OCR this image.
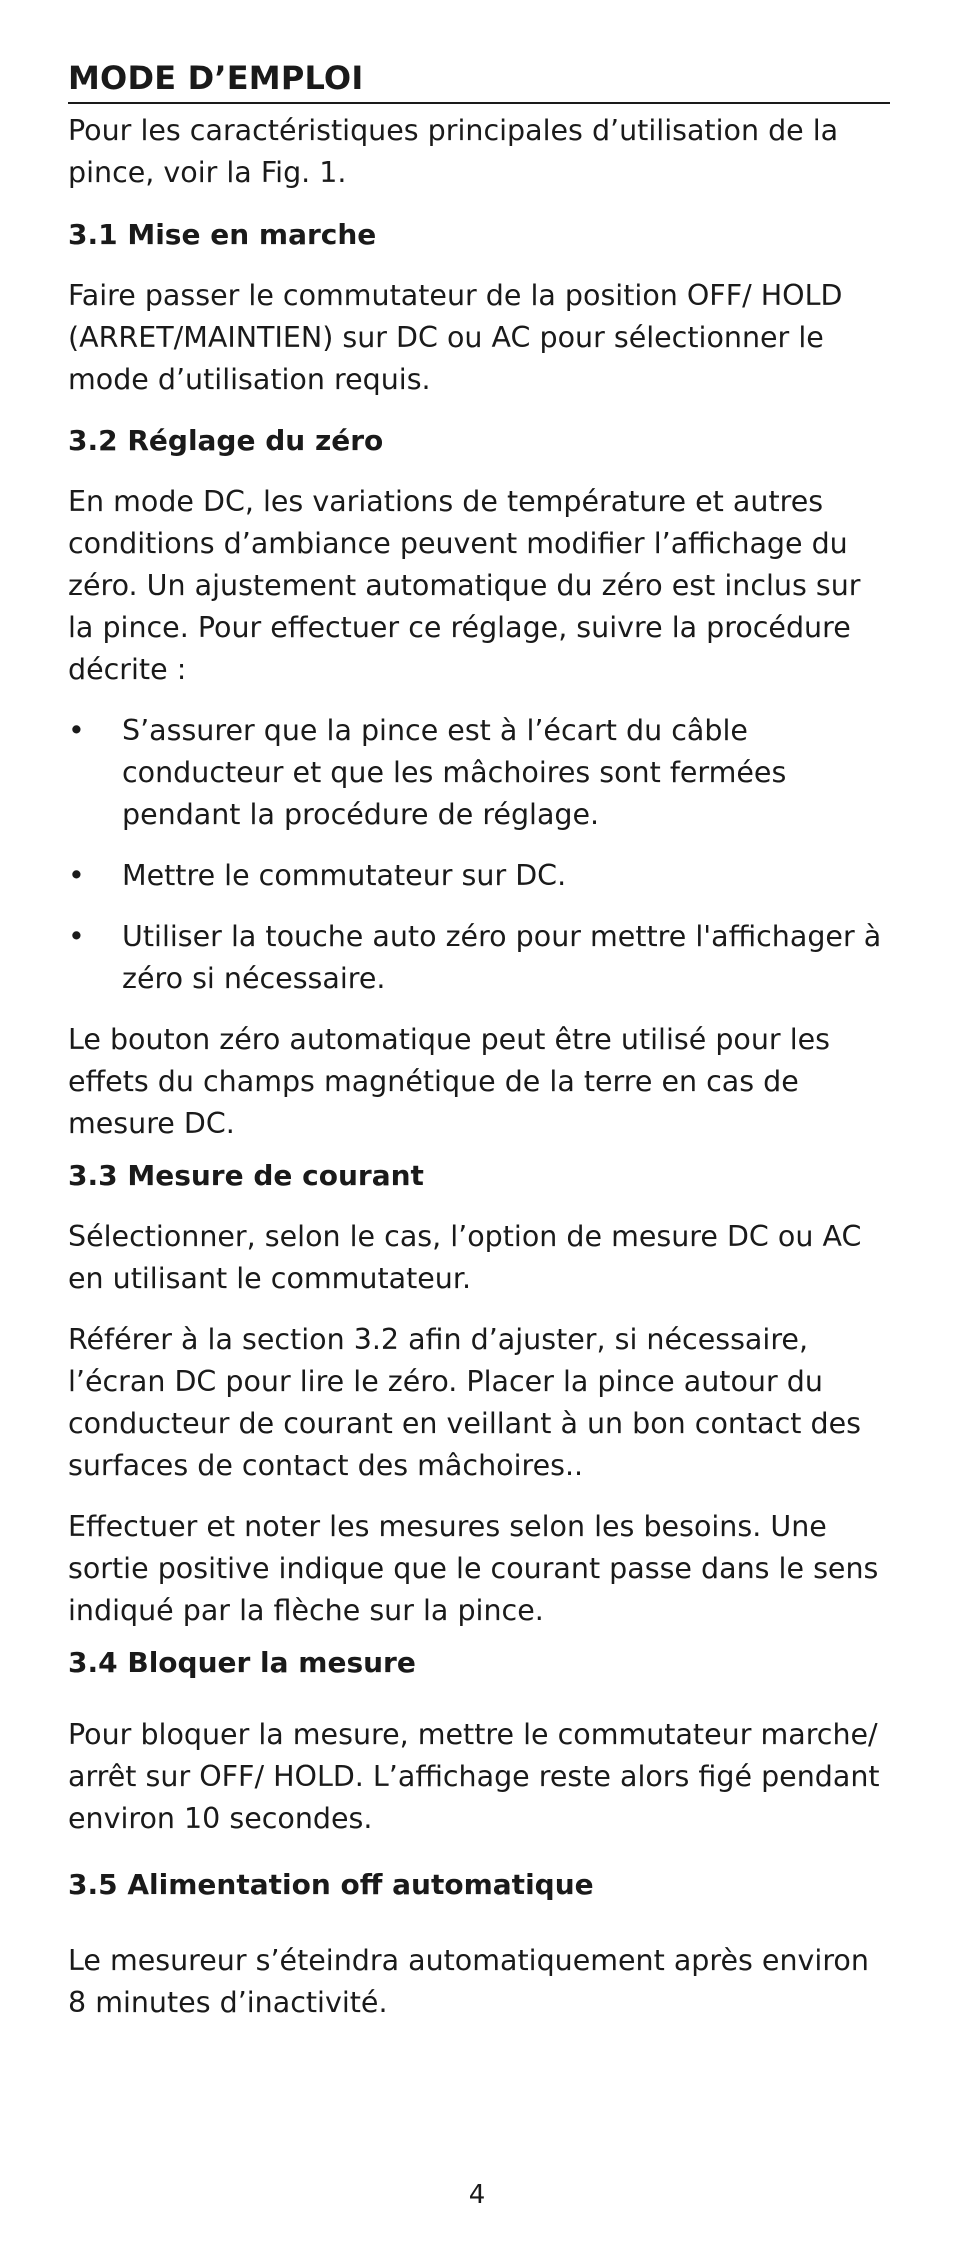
MODE D’EMPLOI

Pour les caractéristiques principales d’utilisation de la pince, voir la Fig. 1.

3.1 Mise en marche

Faire passer le commutateur de la position OFF/ HOLD (ARRET/MAINTIEN) sur DC ou AC pour sélectionner le mode d’utilisation requis.

3.2 Réglage du zéro

En mode DC, les variations de température et autres conditions d’ambiance peuvent modifier l’affichage du zéro. Un ajustement automatique du zéro est inclus sur la pince. Pour effectuer ce réglage, suivre la procédure décrite :

•	S’assurer que la pince est à l’écart du câble conducteur et que les mâchoires sont fermées pendant la procédure de réglage.
•	Mettre le commutateur sur DC.
•	Utiliser la touche auto zéro pour mettre l'affichager à zéro si nécessaire.

Le bouton zéro automatique peut être utilisé pour les effets du champs magnétique de la terre en cas de mesure DC.

3.3 Mesure de courant

Sélectionner, selon le cas, l’option de mesure DC ou AC en utilisant le commutateur.

Référer à la section 3.2 afin d’ajuster, si nécessaire, l’écran DC pour lire le zéro. Placer la pince autour du conducteur de courant en veillant à un bon contact des surfaces de contact des mâchoires..

Effectuer et noter les mesures selon les besoins. Une sortie positive indique que le courant passe dans le sens indiqué par la flèche sur la pince.

3.4 Bloquer la mesure

Pour bloquer la mesure, mettre le commutateur marche/ arrêt sur OFF/ HOLD. L’affichage reste alors figé pendant environ 10 secondes.

3.5 Alimentation off automatique

Le mesureur s’éteindra automatiquement après environ 8 minutes d’inactivité.

4
